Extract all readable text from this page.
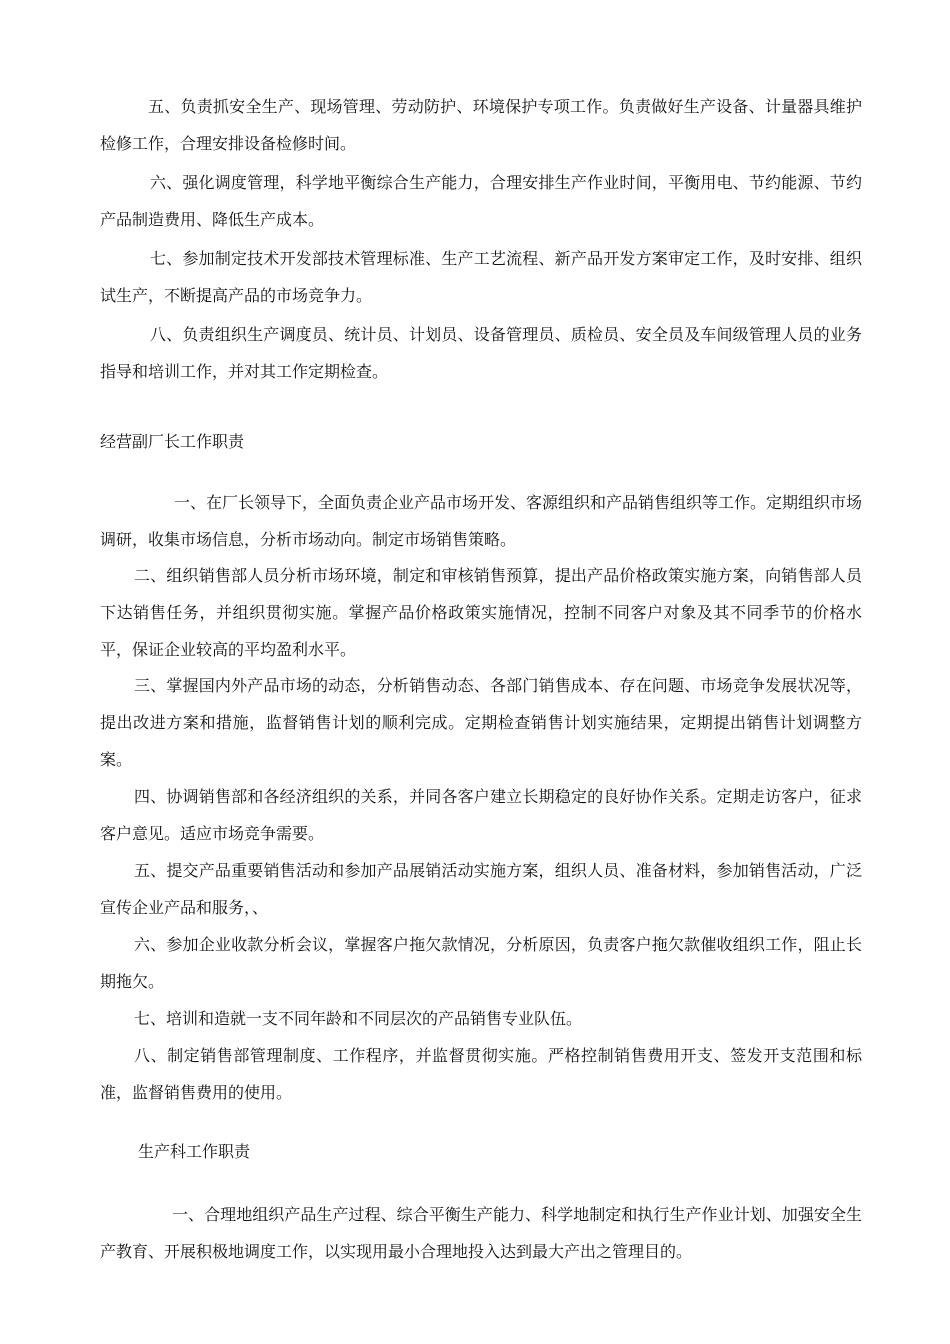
五、负责抓安全生产、现场管理、劳动防护、环境保护专项工作。负责做好生产设备、计量器具维护检修工作，合理安排设备检修时间。

六、强化调度管理，科学地平衡综合生产能力，合理安排生产作业时间，平衡用电、节约能源、节约产品制造费用、降低生产成本。

七、参加制定技术开发部技术管理标准、生产工艺流程、新产品开发方案审定工作，及时安排、组织试生产，不断提高产品的市场竞争力。

八、负责组织生产调度员、统计员、计划员、设备管理员、质检员、安全员及车间级管理人员的业务指导和培训工作，并对其工作定期检查。

经营副厂长工作职责

一、在厂长领导下，全面负责企业产品市场开发、客源组织和产品销售组织等工作。定期组织市场调研，收集市场信息，分析市场动向。制定市场销售策略。

二、组织销售部人员分析市场环境，制定和审核销售预算，提出产品价格政策实施方案，向销售部人员下达销售任务，并组织贯彻实施。掌握产品价格政策实施情况，控制不同客户对象及其不同季节的价格水平，保证企业较高的平均盈利水平。

三、掌握国内外产品市场的动态，分析销售动态、各部门销售成本、存在问题、市场竞争发展状况等，提出改进方案和措施，监督销售计划的顺利完成。定期检查销售计划实施结果，定期提出销售计划调整方案。

四、协调销售部和各经济组织的关系，并同各客户建立长期稳定的良好协作关系。定期走访客户，征求客户意见。适应市场竞争需要。

五、提交产品重要销售活动和参加产品展销活动实施方案，组织人员、准备材料，参加销售活动，广泛宣传企业产品和服务，、

六、参加企业收款分析会议，掌握客户拖欠款情况，分析原因，负责客户拖欠款催收组织工作，阻止长期拖欠。

七、培训和造就一支不同年龄和不同层次的产品销售专业队伍。

八、制定销售部管理制度、工作程序，并监督贯彻实施。严格控制销售费用开支、签发开支范围和标准，监督销售费用的使用。

生产科工作职责

一、合理地组织产品生产过程、综合平衡生产能力、科学地制定和执行生产作业计划、加强安全生产教育、开展积极地调度工作，以实现用最小合理地投入达到最大产出之管理目的。
